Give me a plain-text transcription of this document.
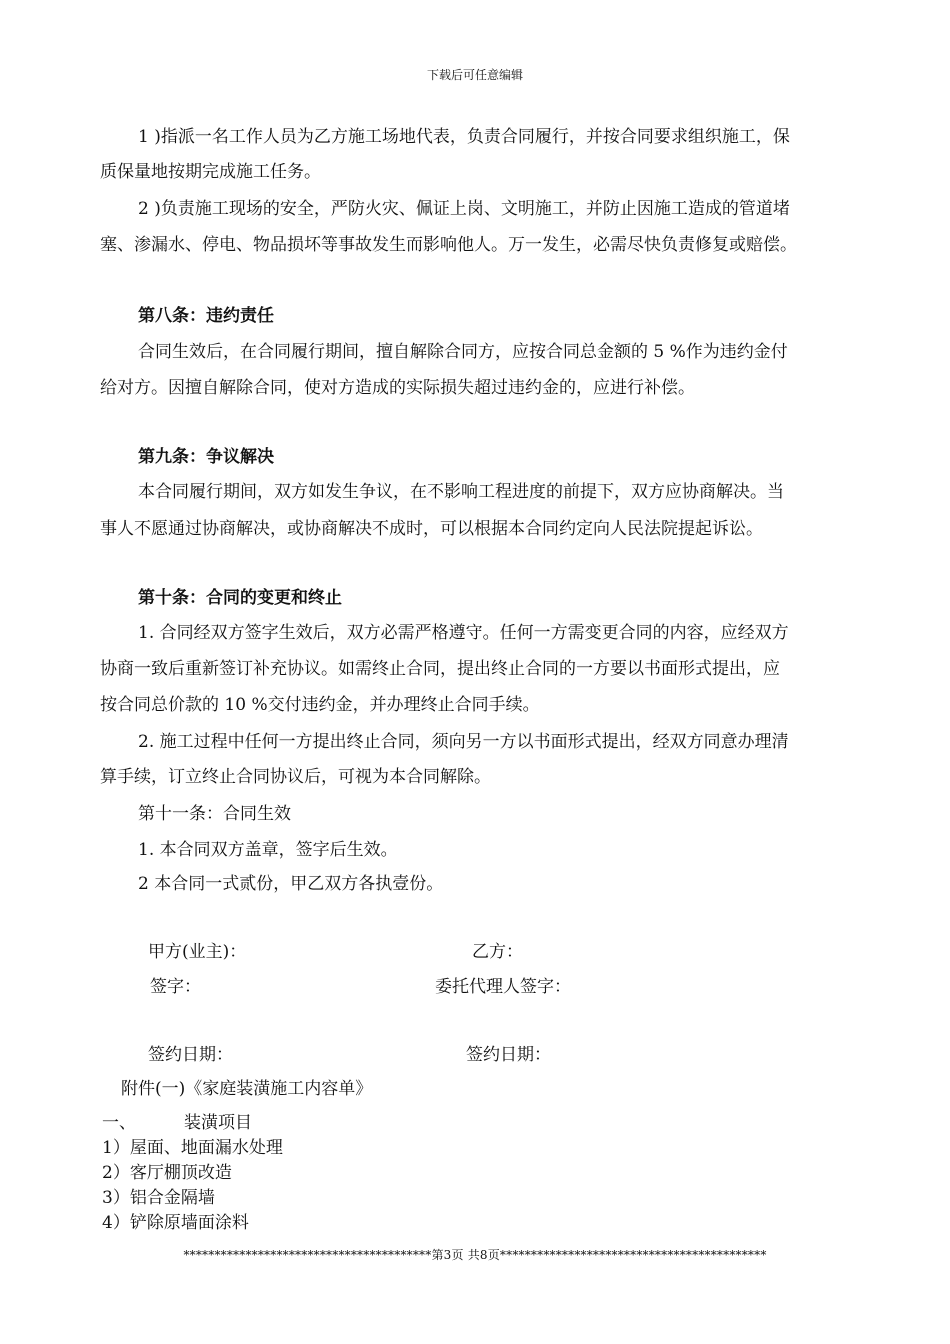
下载后可任意编辑
1 )指派一名工作人员为乙方施工场地代表，负责合同履行，并按合同要求组织施工，保
质保量地按期完成施工任务。
2 )负责施工现场的安全，严防火灾、佩证上岗、文明施工，并防止因施工造成的管道堵
塞、渗漏水、停电、物品损坏等事故发生而影响他人。万一发生，必需尽快负责修复或赔偿。
第八条：违约责任
合同生效后，在合同履行期间，擅自解除合同方，应按合同总金额的 5 %作为违约金付
给对方。因擅自解除合同，使对方造成的实际损失超过违约金的，应进行补偿。
第九条：争议解决
本合同履行期间，双方如发生争议，在不影响工程进度的前提下，双方应协商解决。当
事人不愿通过协商解决，或协商解决不成时，可以根据本合同约定向人民法院提起诉讼。
第十条：合同的变更和终止
1. 合同经双方签字生效后，双方必需严格遵守。任何一方需变更合同的内容，应经双方
协商一致后重新签订补充协议。如需终止合同，提出终止合同的一方要以书面形式提出，应
按合同总价款的 10 %交付违约金，并办理终止合同手续。
2. 施工过程中任何一方提出终止合同，须向另一方以书面形式提出，经双方同意办理清
算手续，订立终止合同协议后，可视为本合同解除。
第十一条：合同生效
1. 本合同双方盖章，签字后生效。
2 本合同一式贰份，甲乙双方各执壹份。
甲方(业主)：	乙方：
签字：	委托代理人签字：
签约日期：	签约日期：
附件(一)《家庭装潢施工内容单》
一、	装潢项目
1）屋面、地面漏水处理
2）客厅棚顶改造
3）铝合金隔墙
4）铲除原墙面涂料
****************************************第3页 共8页*******************************************
